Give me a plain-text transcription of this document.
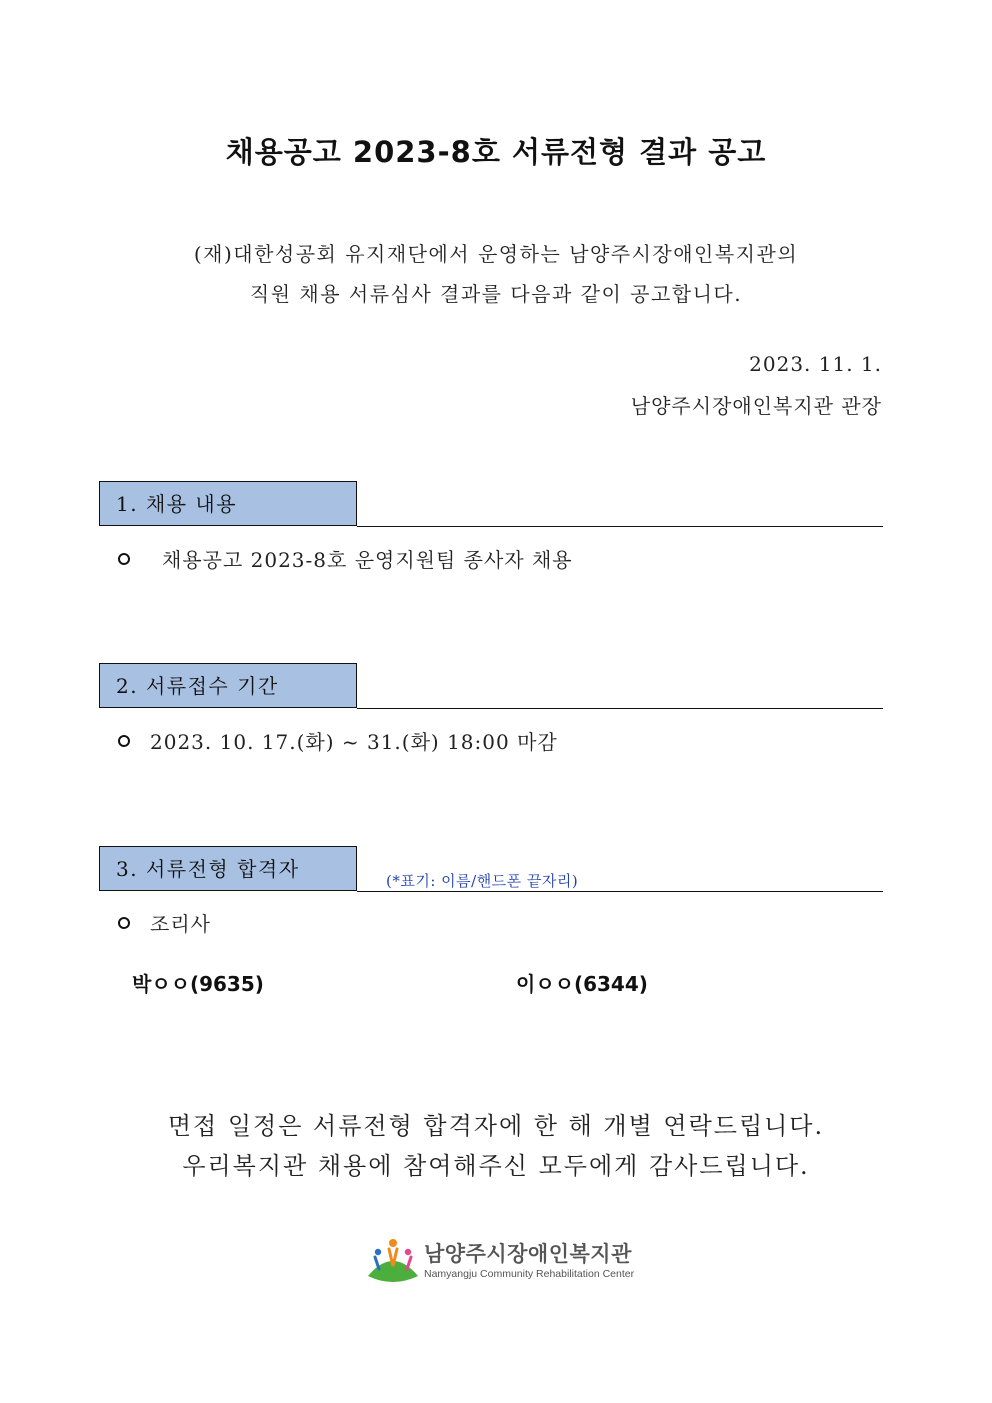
채용공고 2023-8호 서류전형 결과 공고
(재)대한성공회 유지재단에서 운영하는 남양주시장애인복지관의
직원 채용 서류심사 결과를 다음과 같이 공고합니다.
2023. 11. 1.
남양주시장애인복지관 관장
1. 채용 내용
채용공고 2023-8호 운영지원팀 종사자 채용
2. 서류접수 기간
2023. 10. 17.(화) ~ 31.(화) 18:00 마감
3. 서류전형 합격자	(*표기: 이름/핸드폰 끝자리)
조리사
박ㅇㅇ(9635)	이ㅇㅇ(6344)
면접 일정은 서류전형 합격자에 한 해 개별 연락드립니다.
우리복지관 채용에 참여해주신 모두에게 감사드립니다.
남양주시장애인복지관
Namyangju Community Rehabilitation Center
